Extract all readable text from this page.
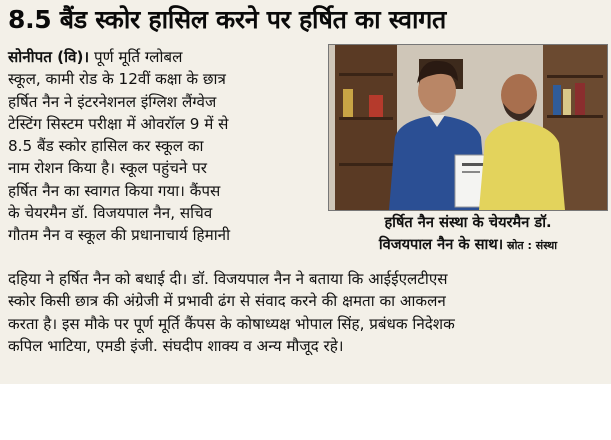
8.5 बैंड स्कोर हासिल करने पर हर्षित का स्वागत
सोनीपत (वि)। पूर्ण मूर्ति ग्लोबल
स्कूल, कामी रोड के 12वीं कक्षा के छात्र
हर्षित नैन ने इंटरनेशनल इंग्लिश लैंग्वेज
टेस्टिंग सिस्टम परीक्षा में ओवरॉल 9 में से
8.5 बैंड स्कोर हासिल कर स्कूल का
नाम रोशन किया है। स्कूल पहुंचने पर
हर्षित नैन का स्वागत किया गया। कैंपस
के चेयरमैन डॉ. विजयपाल नैन, सचिव
गौतम नैन व स्कूल की प्रधानाचार्य हिमानी
हर्षित नैन संस्था के चेयरमैन डॉ.
विजयपाल नैन के साथ। स्रोत : संस्था
दहिया ने हर्षित नैन को बधाई दी। डॉ. विजयपाल नैन ने बताया कि आईईएलटीएस
स्कोर किसी छात्र की अंग्रेजी में प्रभावी ढंग से संवाद करने की क्षमता का आकलन
करता है। इस मौके पर पूर्ण मूर्ति कैंपस के कोषाध्यक्ष भोपाल सिंह, प्रबंधक निदेशक
कपिल भाटिया, एमडी इंजी. संघदीप शाक्य व अन्य मौजूद रहे।
